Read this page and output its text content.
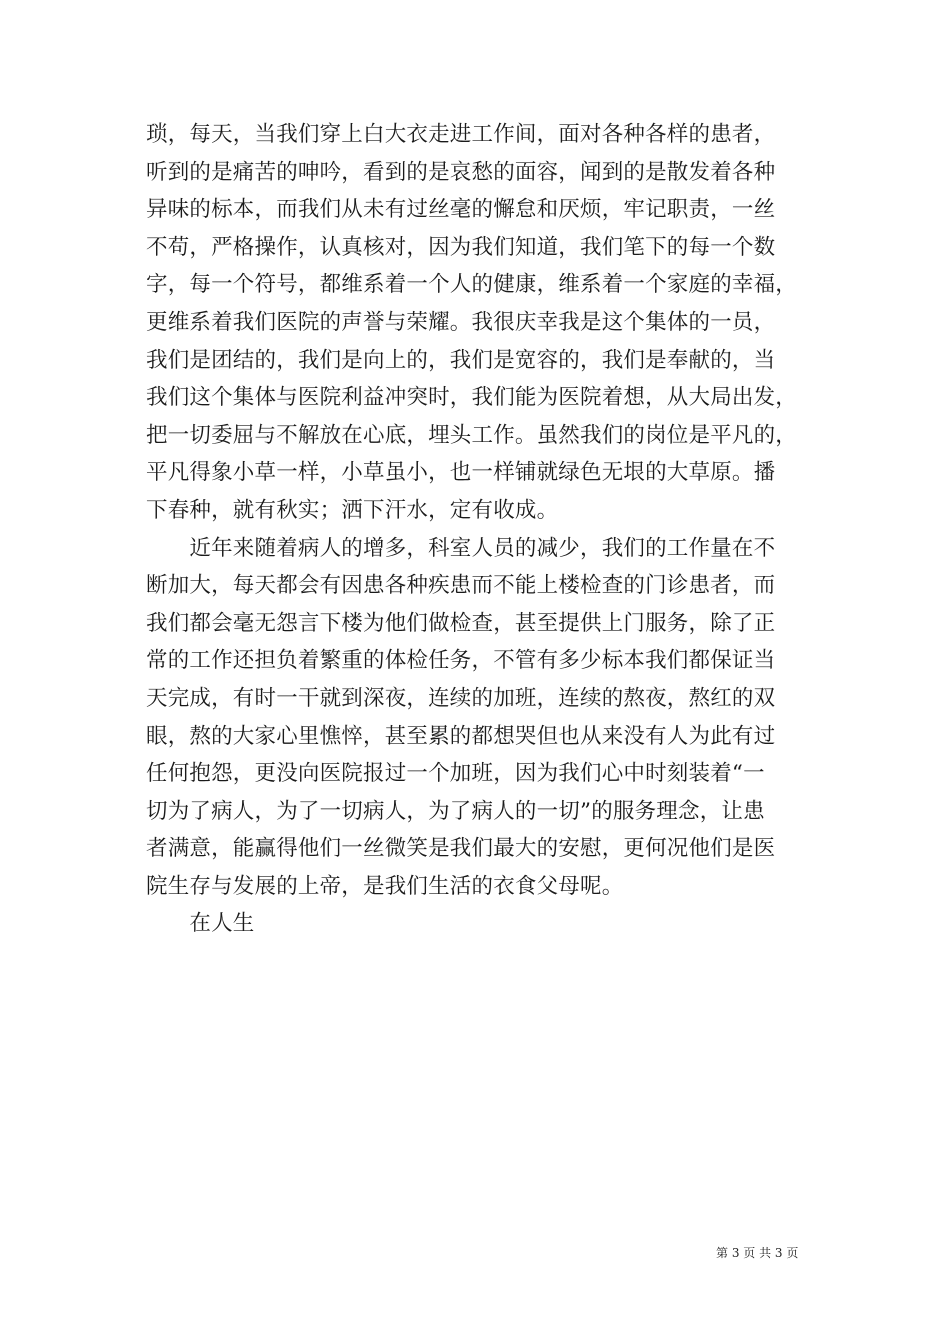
琐，每天，当我们穿上白大衣走进工作间，面对各种各样的患者，
听到的是痛苦的呻吟，看到的是哀愁的面容，闻到的是散发着各种
异味的标本，而我们从未有过丝毫的懈怠和厌烦，牢记职责，一丝
不苟，严格操作，认真核对，因为我们知道，我们笔下的每一个数
字，每一个符号，都维系着一个人的健康，维系着一个家庭的幸福，
更维系着我们医院的声誉与荣耀。我很庆幸我是这个集体的一员，
我们是团结的，我们是向上的，我们是宽容的，我们是奉献的，当
我们这个集体与医院利益冲突时，我们能为医院着想，从大局出发，
把一切委屈与不解放在心底，埋头工作。虽然我们的岗位是平凡的，
平凡得象小草一样，小草虽小，也一样铺就绿色无垠的大草原。播
下春种，就有秋实；洒下汗水，定有收成。
　　近年来随着病人的增多，科室人员的减少，我们的工作量在不
断加大，每天都会有因患各种疾患而不能上楼检查的门诊患者，而
我们都会毫无怨言下楼为他们做检查，甚至提供上门服务，除了正
常的工作还担负着繁重的体检任务，不管有多少标本我们都保证当
天完成，有时一干就到深夜，连续的加班，连续的熬夜，熬红的双
眼，熬的大家心里憔悴，甚至累的都想哭但也从来没有人为此有过
任何抱怨，更没向医院报过一个加班，因为我们心中时刻装着“一
切为了病人，为了一切病人，为了病人的一切”的服务理念，让患
者满意，能赢得他们一丝微笑是我们最大的安慰，更何况他们是医
院生存与发展的上帝，是我们生活的衣食父母呢。
　　在人生
第 3 页 共 3 页
